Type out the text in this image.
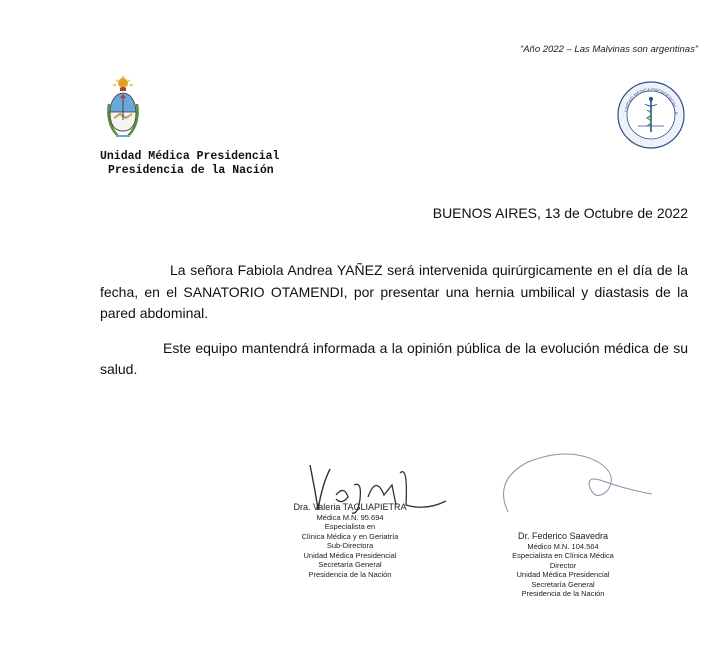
“Año 2022 – Las Malvinas son argentinas”
UNIDAD MÉDICA PRESIDENCIAL · A
Unidad Médica Presidencial
Presidencia de la Nación
BUENOS AIRES, 13 de Octubre de 2022

La señora Fabiola Andrea YAÑEZ será intervenida quirúrgicamente en el día de la fecha, en el SANATORIO OTAMENDI, por presentar una hernia umbilical y diastasis de la pared abdominal.

Este equipo mantendrá informada a la opinión pública de la evolución médica de su salud.

Dra. Valeria TAGLIAPIETRA
Médica M.N. 95.694
Especialista en
Clínica Médica y en Geriatría
Sub-Directora
Unidad Médica Presidencial
Secretaría General
Presidencia de la Nación
Dr. Federico Saavedra
Médico M.N. 104.564
Especialista en Clínica Médica
Director
Unidad Médica Presidencial
Secretaría General
Presidencia de la Nación
